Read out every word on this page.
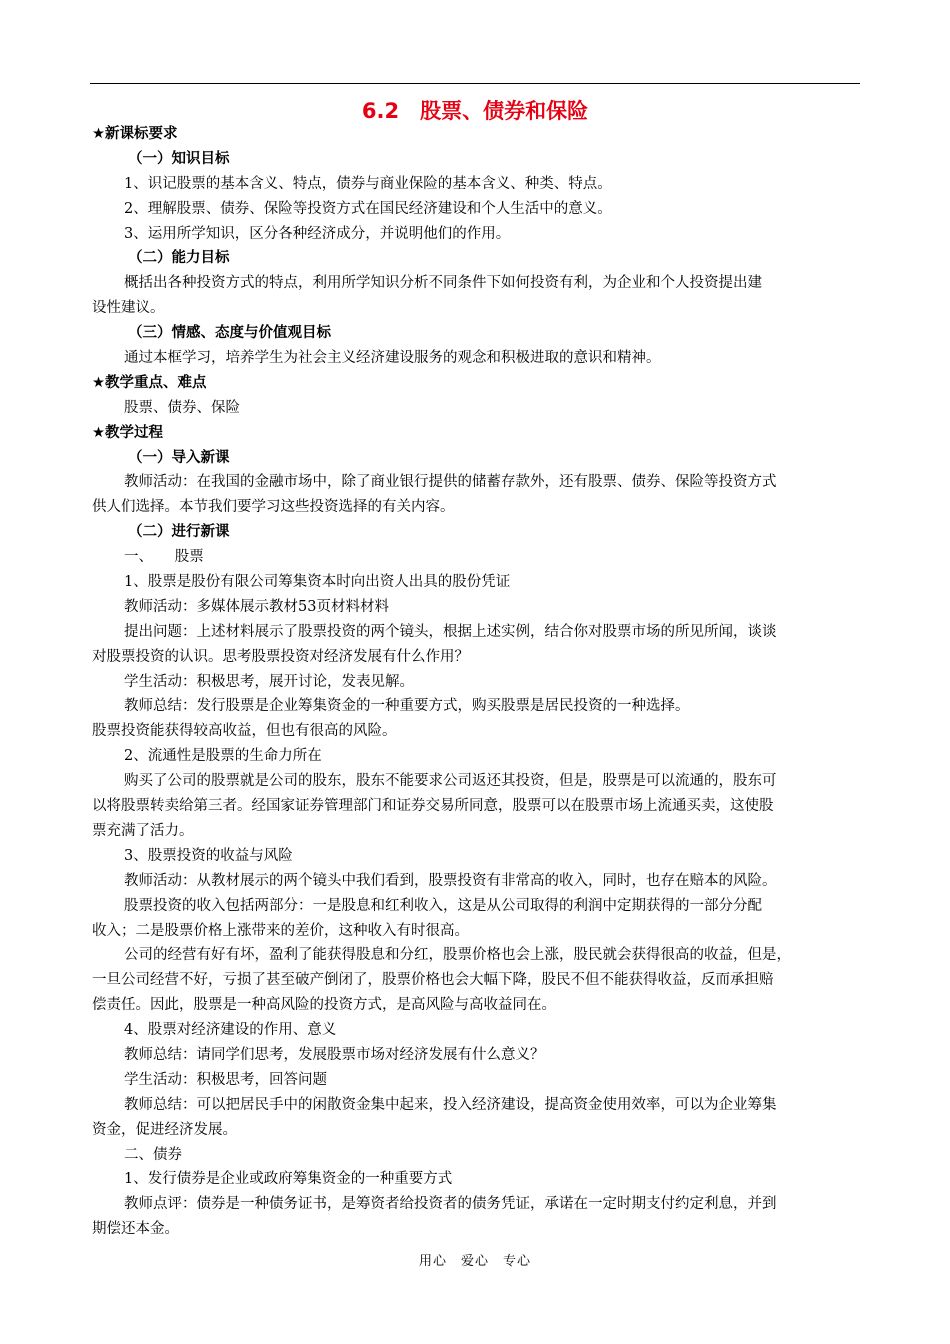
6.2　股票、债券和保险
★新课标要求
（一）知识目标
1、识记股票的基本含义、特点，债券与商业保险的基本含义、种类、特点。
2、理解股票、债券、保险等投资方式在国民经济建设和个人生活中的意义。
3、运用所学知识，区分各种经济成分，并说明他们的作用。
（二）能力目标
概括出各种投资方式的特点，利用所学知识分析不同条件下如何投资有利，为企业和个人投资提出建
设性建议。
（三）情感、态度与价值观目标
通过本框学习，培养学生为社会主义经济建设服务的观念和积极进取的意识和精神。
★教学重点、难点
股票、债券、保险
★教学过程
（一）导入新课
教师活动：在我国的金融市场中，除了商业银行提供的储蓄存款外，还有股票、债券、保险等投资方式
供人们选择。本节我们要学习这些投资选择的有关内容。
（二）进行新课
一、　　股票
1、股票是股份有限公司筹集资本时向出资人出具的股份凭证
教师活动：多媒体展示教材53页材料材料
提出问题：上述材料展示了股票投资的两个镜头，根据上述实例，结合你对股票市场的所见所闻，谈谈
对股票投资的认识。思考股票投资对经济发展有什么作用？
学生活动：积极思考，展开讨论，发表见解。
教师总结：发行股票是企业筹集资金的一种重要方式，购买股票是居民投资的一种选择。
股票投资能获得较高收益，但也有很高的风险。
2、流通性是股票的生命力所在
购买了公司的股票就是公司的股东，股东不能要求公司返还其投资，但是，股票是可以流通的，股东可
以将股票转卖给第三者。经国家证券管理部门和证券交易所同意，股票可以在股票市场上流通买卖，这使股
票充满了活力。
3、股票投资的收益与风险
教师活动：从教材展示的两个镜头中我们看到，股票投资有非常高的收入，同时，也存在赔本的风险。
股票投资的收入包括两部分：一是股息和红利收入，这是从公司取得的利润中定期获得的一部分分配
收入；二是股票价格上涨带来的差价，这种收入有时很高。
公司的经营有好有坏，盈利了能获得股息和分红，股票价格也会上涨，股民就会获得很高的收益，但是，
一旦公司经营不好，亏损了甚至破产倒闭了，股票价格也会大幅下降，股民不但不能获得收益，反而承担赔
偿责任。因此，股票是一种高风险的投资方式，是高风险与高收益同在。
4、股票对经济建设的作用、意义
教师总结：请同学们思考，发展股票市场对经济发展有什么意义？
学生活动：积极思考，回答问题
教师总结：可以把居民手中的闲散资金集中起来，投入经济建设，提高资金使用效率，可以为企业筹集
资金，促进经济发展。
二、债券
1、发行债券是企业或政府筹集资金的一种重要方式
教师点评：债券是一种债务证书，是筹资者给投资者的债务凭证，承诺在一定时期支付约定利息，并到
期偿还本金。
用心　爱心　专心
